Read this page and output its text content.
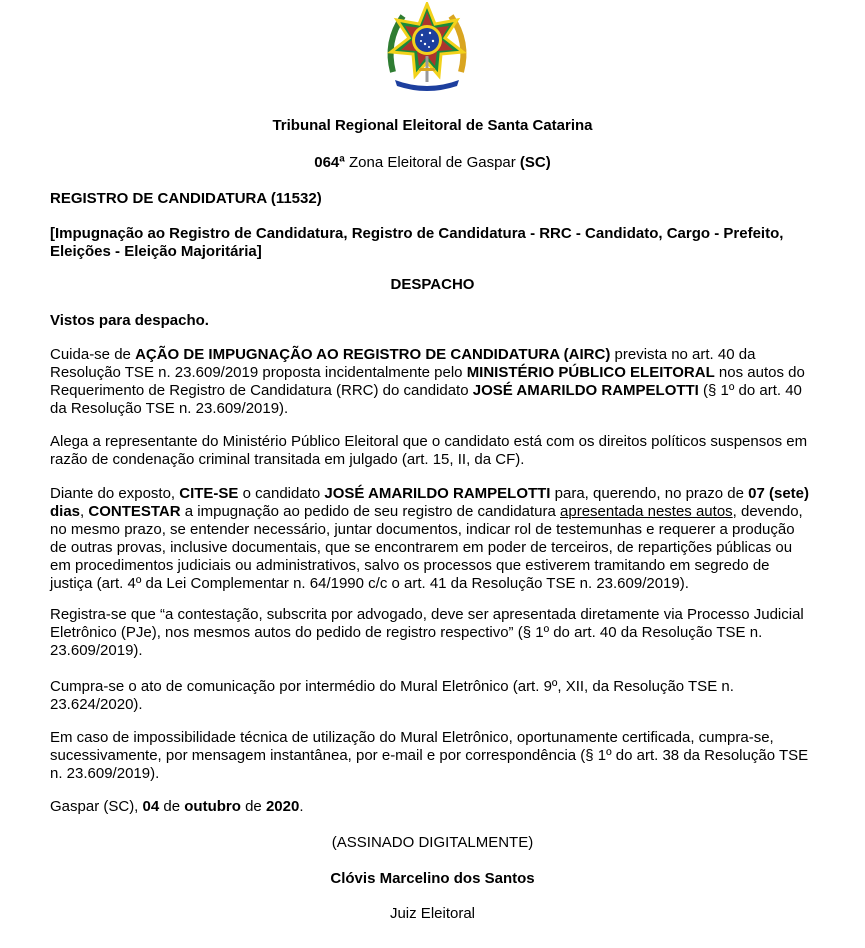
Tribunal Regional Eleitoral de Santa Catarina
064ª Zona Eleitoral de Gaspar (SC)
REGISTRO DE CANDIDATURA (11532)
[Impugnação ao Registro de Candidatura, Registro de Candidatura - RRC - Candidato, Cargo - Prefeito, Eleições - Eleição Majoritária]
DESPACHO
Vistos para despacho.

Cuida-se de AÇÃO DE IMPUGNAÇÃO AO REGISTRO DE CANDIDATURA (AIRC) prevista no art. 40 da Resolução TSE n. 23.609/2019 proposta incidentalmente pelo MINISTÉRIO PÚBLICO ELEITORAL nos autos do Requerimento de Registro de Candidatura (RRC) do candidato JOSÉ AMARILDO RAMPELOTTI (§ 1º do art. 40 da Resolução TSE n. 23.609/2019).

Alega a representante do Ministério Público Eleitoral que o candidato está com os direitos políticos suspensos em razão de condenação criminal transitada em julgado (art. 15, II, da CF).

Diante do exposto, CITE-SE o candidato JOSÉ AMARILDO RAMPELOTTI para, querendo, no prazo de 07 (sete) dias, CONTESTAR a impugnação ao pedido de seu registro de candidatura apresentada nestes autos, devendo, no mesmo prazo, se entender necessário, juntar documentos, indicar rol de testemunhas e requerer a produção de outras provas, inclusive documentais, que se encontrarem em poder de terceiros, de repartições públicas ou em procedimentos judiciais ou administrativos, salvo os processos que estiverem tramitando em segredo de justiça (art. 4º da Lei Complementar n. 64/1990 c/c o art. 41 da Resolução TSE n. 23.609/2019).

Registra-se que “a contestação, subscrita por advogado, deve ser apresentada diretamente via Processo Judicial Eletrônico (PJe), nos mesmos autos do pedido de registro respectivo” (§ 1º do art. 40 da Resolução TSE n. 23.609/2019).

Cumpra-se o ato de comunicação por intermédio do Mural Eletrônico (art. 9º, XII, da Resolução TSE n. 23.624/2020).

Em caso de impossibilidade técnica de utilização do Mural Eletrônico, oportunamente certificada, cumpra-se, sucessivamente, por mensagem instantânea, por e-mail e por correspondência (§ 1º do art. 38 da Resolução TSE n. 23.609/2019).

Gaspar (SC), 04 de outubro de 2020.
(ASSINADO DIGITALMENTE)
Clóvis Marcelino dos Santos
Juiz Eleitoral
